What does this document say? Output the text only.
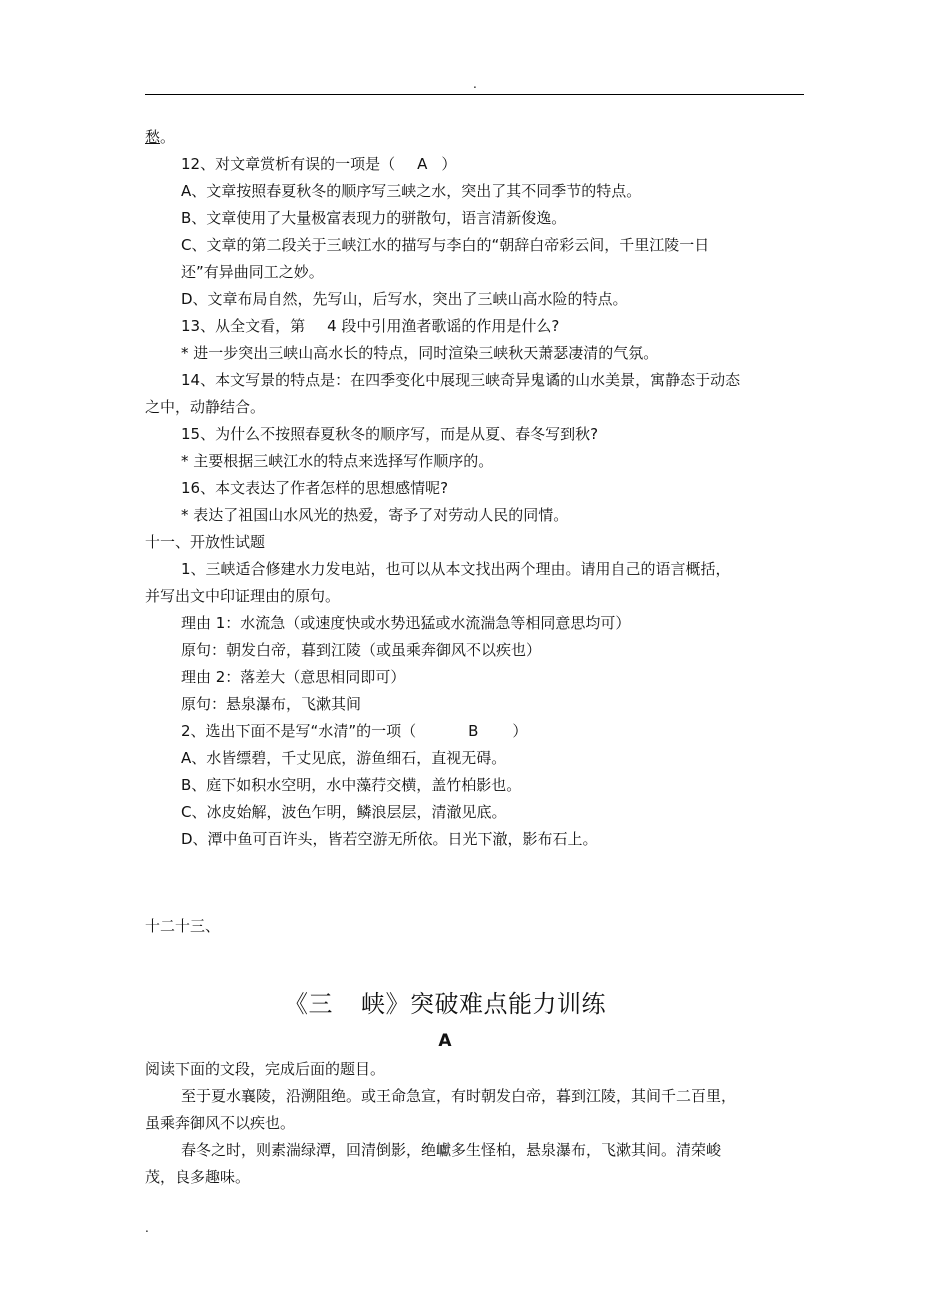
.
愁。
12、对文章赏析有误的一项是（ A ）
A、文章按照春夏秋冬的顺序写三峡之水，突出了其不同季节的特点。
B、文章使用了大量极富表现力的骈散句，语言清新俊逸。
C、文章的第二段关于三峡江水的描写与李白的“朝辞白帝彩云间，千里江陵一日还”有异曲同工之妙。
D、文章布局自然，先写山，后写水，突出了三峡山高水险的特点。
13、从全文看，第 4 段中引用渔者歌谣的作用是什么?
* 进一步突出三峡山高水长的特点，同时渲染三峡秋天萧瑟凄清的气氛。
14、本文写景的特点是：在四季变化中展现三峡奇异鬼谲的山水美景，寓静态于动态之中，动静结合。
15、为什么不按照春夏秋冬的顺序写，而是从夏、春冬写到秋?
* 主要根据三峡江水的特点来选择写作顺序的。
16、本文表达了作者怎样的思想感情呢?
* 表达了祖国山水风光的热爱，寄予了对劳动人民的同情。
十一、开放性试题
1、三峡适合修建水力发电站，也可以从本文找出两个理由。请用自己的语言概括，并写出文中印证理由的原句。
理由 1：水流急（或速度快或水势迅猛或水流湍急等相同意思均可）
原句：朝发白帝，暮到江陵（或虽乘奔御风不以疾也）
理由 2：落差大（意思相同即可）
原句：悬泉瀑布，飞漱其间
2、选出下面不是写“水清”的一项（	B ）
A、水皆缥碧，千丈见底，游鱼细石，直视无碍。
B、庭下如积水空明，水中藻荇交横，盖竹柏影也。
C、冰皮始解，波色乍明，鳞浪层层，清澈见底。
D、潭中鱼可百许头，皆若空游无所依。日光下澈，影布石上。
十二十三、
《三 峡》突破难点能力训练
A
阅读下面的文段，完成后面的题目。
至于夏水襄陵，沿溯阻绝。或王命急宣，有时朝发白帝，暮到江陵，其间千二百里，虽乘奔御风不以疾也。
春冬之时，则素湍绿潭，回清倒影，绝巘多生怪柏，悬泉瀑布，飞漱其间。清荣峻茂，良多趣味。
.
